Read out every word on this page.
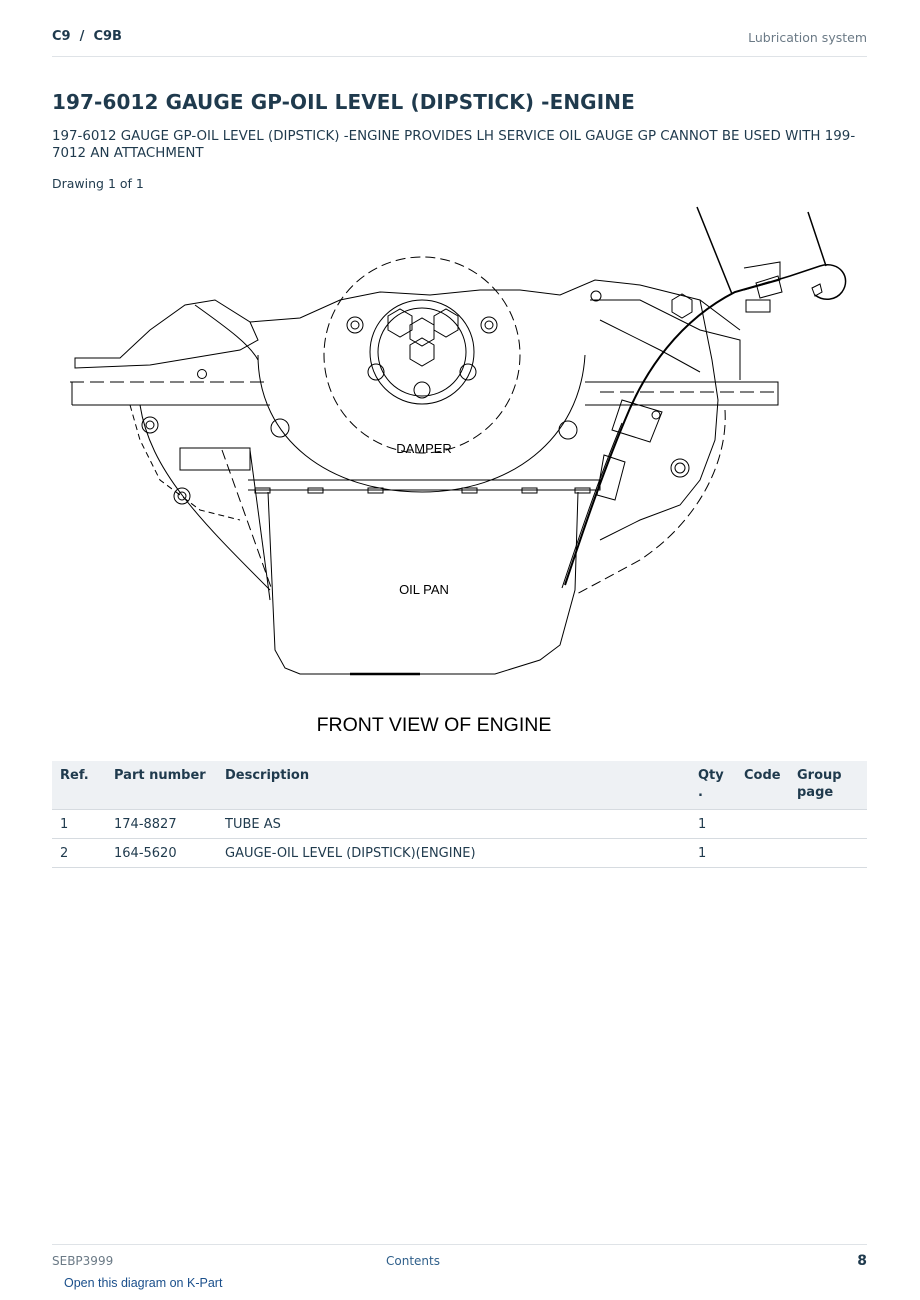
C9  /  C9B	Lubrication system
197-6012 GAUGE GP-OIL LEVEL (DIPSTICK) -ENGINE
197-6012 GAUGE GP-OIL LEVEL (DIPSTICK) -ENGINE PROVIDES LH SERVICE OIL GAUGE GP CANNOT BE USED WITH 199-7012 AN ATTACHMENT
Drawing 1 of 1
DAMPER
OIL PAN
FRONT VIEW OF ENGINE
Ref.	Part number	Description	Qty .	Code	Group page
1	174-8827	TUBE AS	1		
2	164-5620	GAUGE-OIL LEVEL (DIPSTICK)(ENGINE)	1		
SEBP3999	Contents	8
Open this diagram on K-Part
